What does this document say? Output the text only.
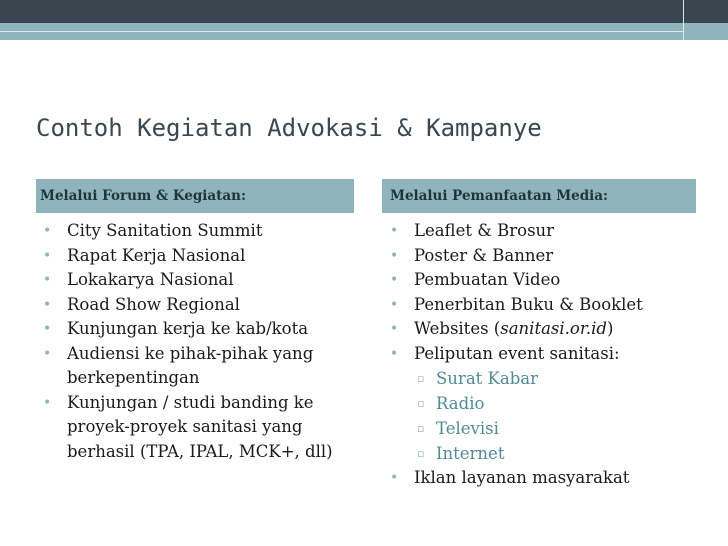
Contoh Kegiatan Advokasi & Kampanye
Melalui Forum & Kegiatan:	Melalui Pemanfaatan Media:
• City Sanitation Summit
• Rapat Kerja Nasional
• Lokakarya Nasional
• Road Show Regional
• Kunjungan kerja ke kab/kota
• Audiensi ke pihak-pihak yang berkepentingan
• Kunjungan / studi banding ke proyek-proyek sanitasi yang berhasil (TPA, IPAL, MCK+, dll)
• Leaflet & Brosur
• Poster & Banner
• Pembuatan Video
• Penerbitan Buku & Booklet
• Websites (sanitasi.or.id)
• Peliputan event sanitasi:
▫ Surat Kabar
▫ Radio
▫ Televisi
▫ Internet
• Iklan layanan masyarakat
